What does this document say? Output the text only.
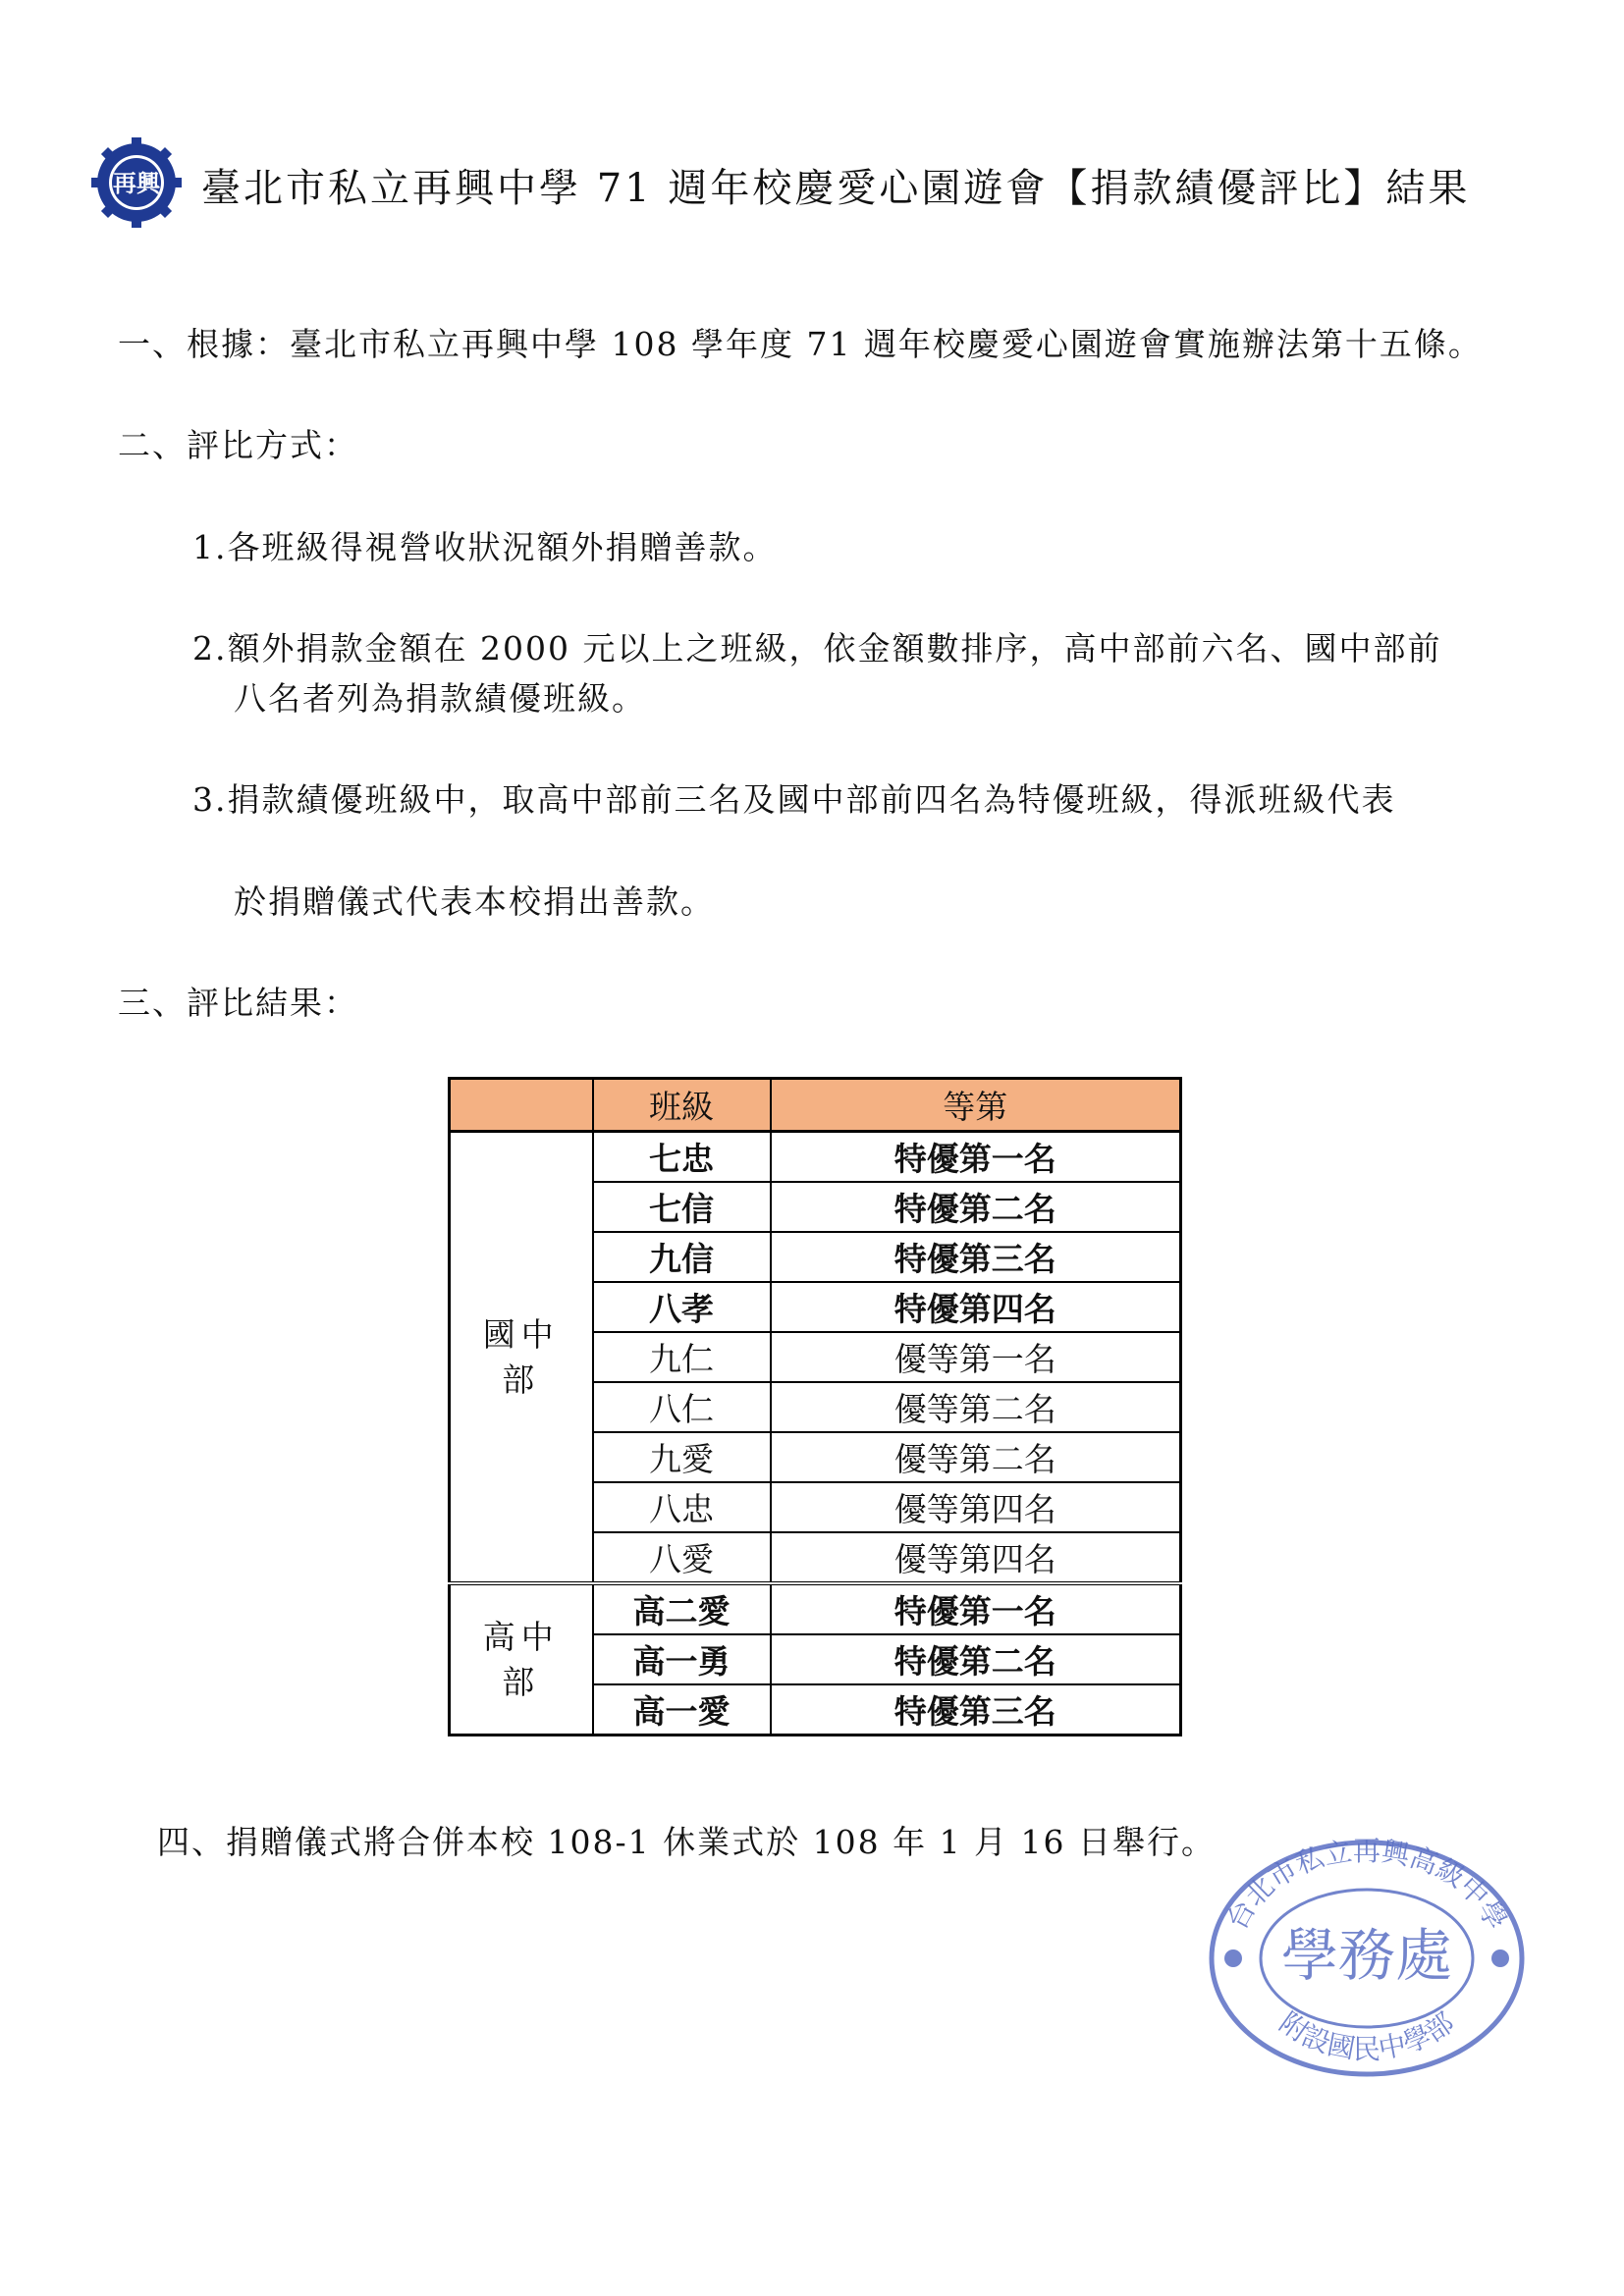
再興 臺北市私立再興中學 71 週年校慶愛心園遊會【捐款績優評比】結果
一、根據：臺北市私立再興中學 108 學年度 71 週年校慶愛心園遊會實施辦法第十五條。
二、評比方式：
1.各班級得視營收狀況額外捐贈善款。
2.額外捐款金額在 2000 元以上之班級，依金額數排序，高中部前六名、國中部前
八名者列為捐款績優班級。
3.捐款績優班級中，取高中部前三名及國中部前四名為特優班級，得派班級代表
於捐贈儀式代表本校捐出善款。
三、評比結果：
	班級	等第

國中
部	七忠	特優第一名
	七信	特優第二名
	九信	特優第三名
	八孝	特優第四名
	九仁	優等第一名
	八仁	優等第二名
	九愛	優等第二名
	八忠	優等第四名
	八愛	優等第四名

高中
部	高二愛	特優第一名
	高一勇	特優第二名
	高一愛	特優第三名
四、捐贈儀式將合併本校 108-1 休業式於 108 年 1 月 16 日舉行。
台北市私立再興高級中學
附設國民中學部
學務處
